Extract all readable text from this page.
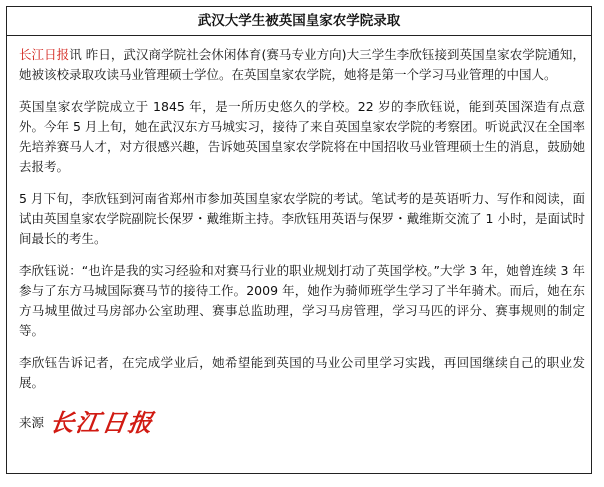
武汉大学生被英国皇家农学院录取

长江日报讯 昨日，武汉商学院社会休闲体育(赛马专业方向)大三学生李欣钰接到英国皇家农学院通知，她被该校录取攻读马业管理硕士学位。在英国皇家农学院，她将是第一个学习马业管理的中国人。

英国皇家农学院成立于 1845 年，是一所历史悠久的学校。22 岁的李欣钰说，能到英国深造有点意外。今年 5 月上旬，她在武汉东方马城实习，接待了来自英国皇家农学院的考察团。听说武汉在全国率先培养赛马人才，对方很感兴趣，告诉她英国皇家农学院将在中国招收马业管理硕士生的消息，鼓励她去报考。

5 月下旬，李欣钰到河南省郑州市参加英国皇家农学院的考试。笔试考的是英语听力、写作和阅读，面试由英国皇家农学院副院长保罗・戴维斯主持。李欣钰用英语与保罗・戴维斯交流了 1 小时，是面试时间最长的考生。

李欣钰说：“也许是我的实习经验和对赛马行业的职业规划打动了英国学校。”大学 3 年，她曾连续 3 年参与了东方马城国际赛马节的接待工作。2009 年，她作为骑师班学生学习了半年骑术。而后，她在东方马城里做过马房部办公室助理、赛事总监助理，学习马房管理，学习马匹的评分、赛事规则的制定等。

李欣钰告诉记者，在完成学业后，她希望能到英国的马业公司里学习实践，再回国继续自己的职业发展。

来源 长江日报
